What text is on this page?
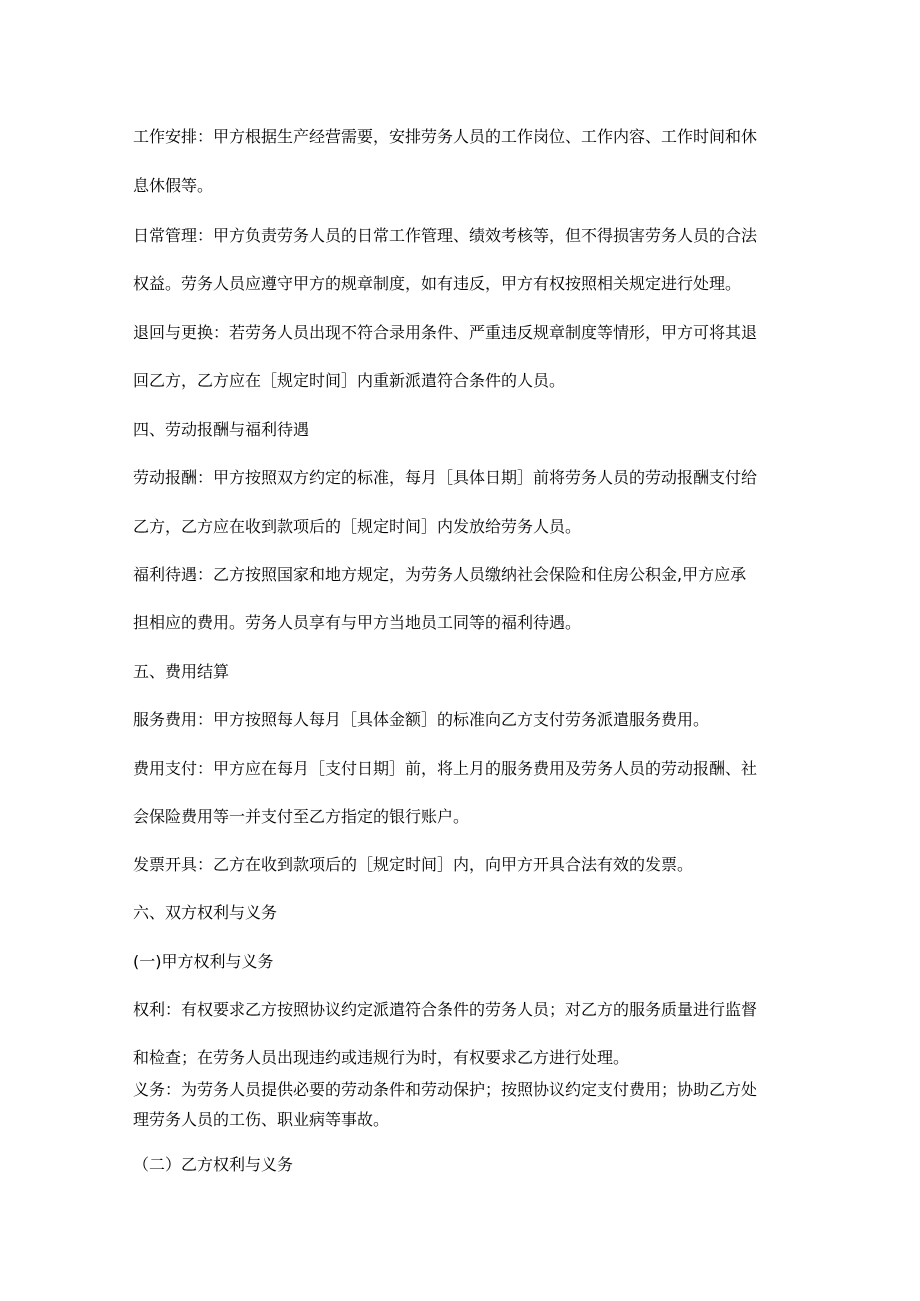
工作安排：甲方根据生产经营需要，安排劳务人员的工作岗位、工作内容、工作时间和休

息休假等。

日常管理：甲方负责劳务人员的日常工作管理、绩效考核等，但不得损害劳务人员的合法

权益。劳务人员应遵守甲方的规章制度，如有违反，甲方有权按照相关规定进行处理。

退回与更换：若劳务人员出现不符合录用条件、严重违反规章制度等情形，甲方可将其退

回乙方，乙方应在［规定时间］内重新派遣符合条件的人员。

四、劳动报酬与福利待遇

劳动报酬：甲方按照双方约定的标准，每月［具体日期］前将劳务人员的劳动报酬支付给

乙方，乙方应在收到款项后的［规定时间］内发放给劳务人员。

福利待遇：乙方按照国家和地方规定，为劳务人员缴纳社会保险和住房公积金,甲方应承

担相应的费用。劳务人员享有与甲方当地员工同等的福利待遇。

五、费用结算

服务费用：甲方按照每人每月［具体金额］的标准向乙方支付劳务派遣服务费用。

费用支付：甲方应在每月［支付日期］前，将上月的服务费用及劳务人员的劳动报酬、社

会保险费用等一并支付至乙方指定的银行账户。

发票开具：乙方在收到款项后的［规定时间］内，向甲方开具合法有效的发票。

六、双方权利与义务

(一)甲方权利与义务

权利：有权要求乙方按照协议约定派遣符合条件的劳务人员；对乙方的服务质量进行监督

和检查；在劳务人员出现违约或违规行为时，有权要求乙方进行处理。

义务：为劳务人员提供必要的劳动条件和劳动保护；按照协议约定支付费用；协助乙方处

理劳务人员的工伤、职业病等事故。

（二）乙方权利与义务
